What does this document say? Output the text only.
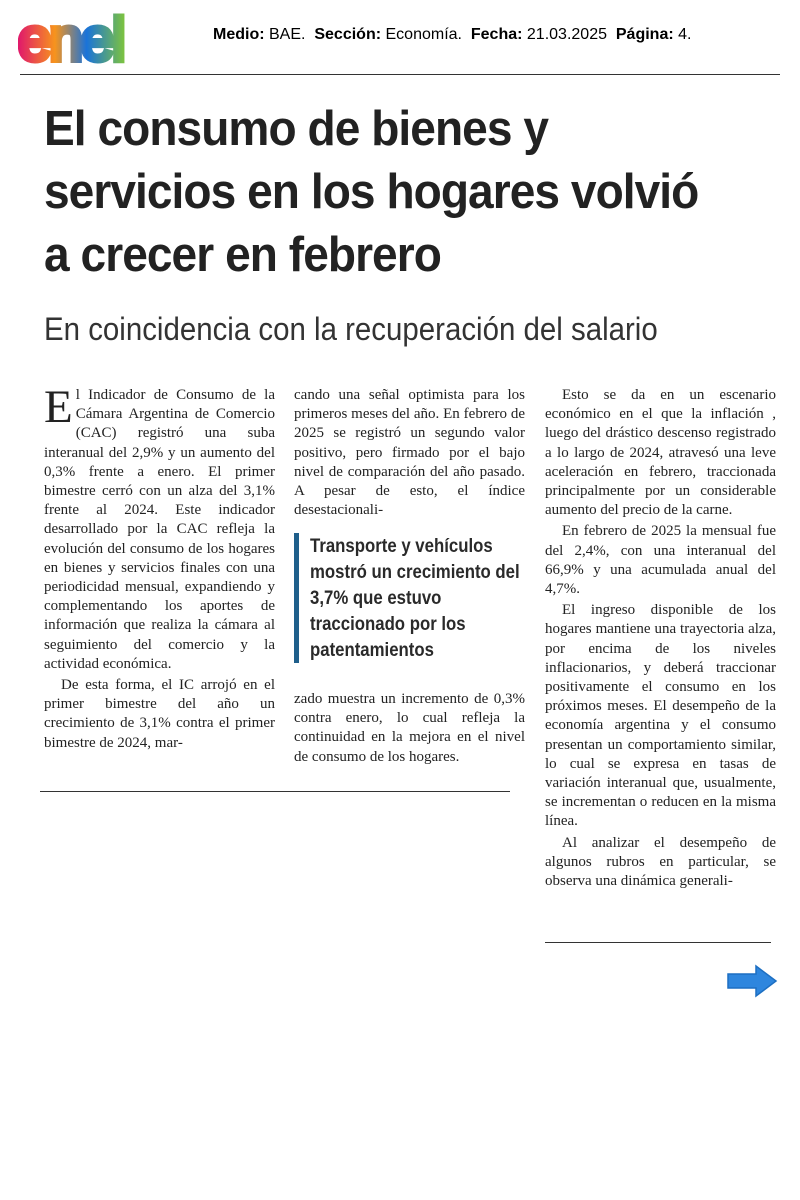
enel	Medio: BAE. Sección: Economía. Fecha: 21.03.2025 Página: 4.
El consumo de bienes y servicios en los hogares volvió a crecer en febrero
En coincidencia con la recuperación del salario

El Indicador de Consumo de la Cámara Argentina de Comercio (CAC) registró una suba interanual del 2,9% y un aumento del 0,3% frente a enero. El primer bimestre cerró con un alza del 3,1% frente al 2024. Este indicador desarrollado por la CAC refleja la evolución del consumo de los hogares en bienes y servicios finales con una periodicidad mensual, expandiendo y complementando los aportes de información que realiza la cámara al seguimiento del comercio y la actividad económica.

De esta forma, el IC arrojó en el primer bimestre del año un crecimiento de 3,1% contra el primer bimestre de 2024, mar-

cando una señal optimista para los primeros meses del año. En febrero de 2025 se registró un segundo valor positivo, pero firmado por el bajo nivel de comparación del año pasado. A pesar de esto, el índice desestacionali-

Transporte y vehículos mostró un crecimiento del 3,7% que estuvo traccionado por los patentamientos

zado muestra un incremento de 0,3% contra enero, lo cual refleja la continuidad en la mejora en el nivel de consumo de los hogares.

Esto se da en un escenario económico en el que la inflación , luego del drástico descenso registrado a lo largo de 2024, atravesó una leve aceleración en febrero, traccionada principalmente por un considerable aumento del precio de la carne.

En febrero de 2025 la mensual fue del 2,4%, con una interanual del 66,9% y una acumulada anual del 4,7%.

El ingreso disponible de los hogares mantiene una trayectoria alza, por encima de los niveles inflacionarios, y deberá traccionar positivamente el consumo en los próximos meses. El desempeño de la economía argentina y el consumo presentan un comportamiento similar, lo cual se expresa en tasas de variación interanual que, usualmente, se incrementan o reducen en la misma línea.

Al analizar el desempeño de algunos rubros en particular, se observa una dinámica generali-
